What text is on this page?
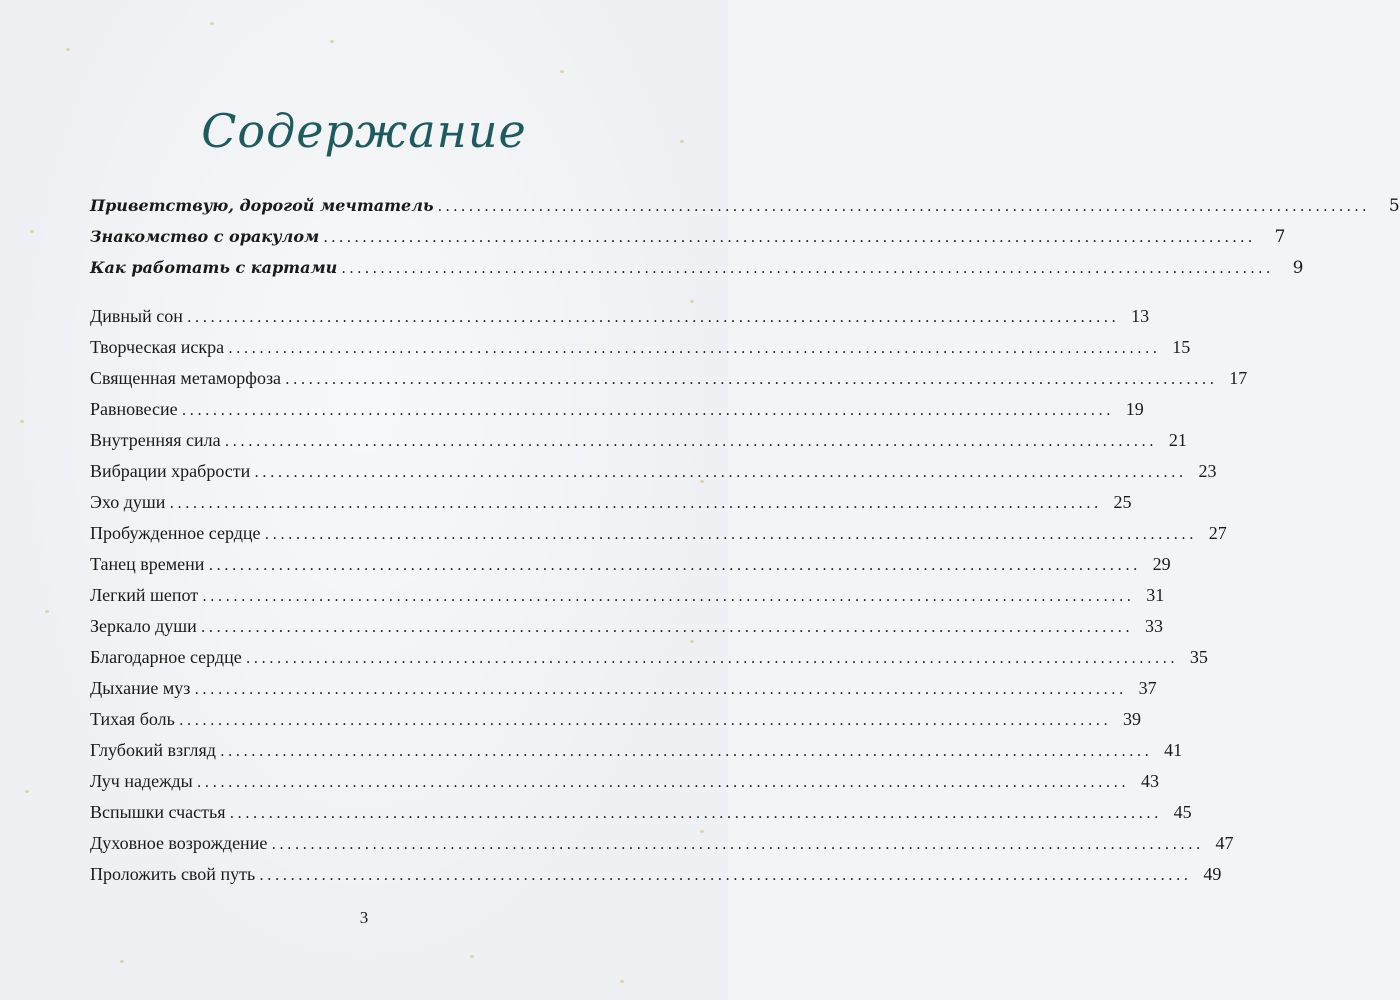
Содержание
Приветствую, дорогой мечтатель ........................................................................................................................	5
Знакомство с оракулом ........................................................................................................................	7
Как работать с картами ........................................................................................................................	9
Дивный сон ........................................................................................................................ 13
Творческая искра ........................................................................................................................ 15
Священная метаморфоза ........................................................................................................................ 17
Равновесие ........................................................................................................................ 19
Внутренняя сила ........................................................................................................................ 21
Вибрации храбрости ........................................................................................................................ 23
Эхо души ........................................................................................................................ 25
Пробужденное сердце ........................................................................................................................ 27
Танец времени ........................................................................................................................ 29
Легкий шепот ........................................................................................................................ 31
Зеркало души ........................................................................................................................ 33
Благодарное сердце ........................................................................................................................ 35
Дыхание муз ........................................................................................................................ 37
Тихая боль ........................................................................................................................ 39
Глубокий взгляд ........................................................................................................................ 41
Луч надежды ........................................................................................................................ 43
Вспышки счастья ........................................................................................................................ 45
Духовное возрождение ........................................................................................................................ 47
Проложить свой путь ........................................................................................................................ 49
3
